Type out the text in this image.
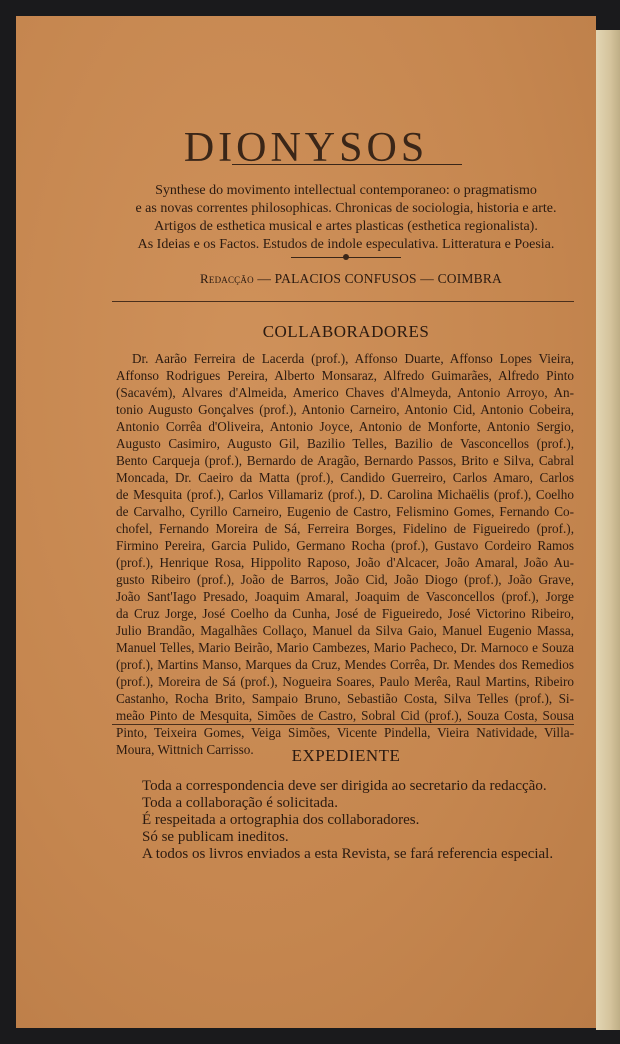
DIONYSOS
Synthese do movimento intellectual contemporaneo: o pragmatismo
e as novas correntes philosophicas. Chronicas de sociologia, historia e arte.
Artigos de esthetica musical e artes plasticas (esthetica regionalista).
As Ideias e os Factos. Estudos de indole especulativa. Litteratura e Poesia.
Redacção — PALACIOS CONFUSOS — COIMBRA
COLLABORADORES
Dr. Aarão Ferreira de Lacerda (prof.), Affonso Duarte, Affonso Lopes Vieira,
Affonso Rodrigues Pereira, Alberto Monsaraz, Alfredo Guimarães, Alfredo Pinto
(Sacavém), Alvares d'Almeida, Americo Chaves d'Almeyda, Antonio Arroyo, An-
tonio Augusto Gonçalves (prof.), Antonio Carneiro, Antonio Cid, Antonio Cobeira,
Antonio Corrêa d'Oliveira, Antonio Joyce, Antonio de Monforte, Antonio Sergio,
Augusto Casimiro, Augusto Gil, Bazilio Telles, Bazilio de Vasconcellos (prof.),
Bento Carqueja (prof.), Bernardo de Aragão, Bernardo Passos, Brito e Silva, Cabral
Moncada, Dr. Caeiro da Matta (prof.), Candido Guerreiro, Carlos Amaro, Carlos
de Mesquita (prof.), Carlos Villamariz (prof.), D. Carolina Michaëlis (prof.), Coelho
de Carvalho, Cyrillo Carneiro, Eugenio de Castro, Felismino Gomes, Fernando Co-
chofel, Fernando Moreira de Sá, Ferreira Borges, Fidelino de Figueiredo (prof.),
Firmino Pereira, Garcia Pulido, Germano Rocha (prof.), Gustavo Cordeiro Ramos
(prof.), Henrique Rosa, Hippolito Raposo, João d'Alcacer, João Amaral, João Au-
gusto Ribeiro (prof.), João de Barros, João Cid, João Diogo (prof.), João Grave,
João Sant'Iago Presado, Joaquim Amaral, Joaquim de Vasconcellos (prof.), Jorge
da Cruz Jorge, José Coelho da Cunha, José de Figueiredo, José Victorino Ribeiro,
Julio Brandão, Magalhães Collaço, Manuel da Silva Gaio, Manuel Eugenio Massa,
Manuel Telles, Mario Beirão, Mario Cambezes, Mario Pacheco, Dr. Marnoco e Souza
(prof.), Martins Manso, Marques da Cruz, Mendes Corrêa, Dr. Mendes dos Remedios
(prof.), Moreira de Sá (prof.), Nogueira Soares, Paulo Merêa, Raul Martins, Ribeiro
Castanho, Rocha Brito, Sampaio Bruno, Sebastião Costa, Silva Telles (prof.), Si-
meão Pinto de Mesquita, Simões de Castro, Sobral Cid (prof.), Souza Costa, Sousa
Pinto, Teixeira Gomes, Veiga Simões, Vicente Pindella, Vieira Natividade, Villa-
Moura, Wittnich Carrisso.	EXPEDIENTE
Toda a correspondencia deve ser dirigida ao secretario da redacção.
Toda a collaboração é solicitada.
É respeitada a ortographia dos collaboradores.
Só se publicam ineditos.
A todos os livros enviados a esta Revista, se fará referencia especial.
